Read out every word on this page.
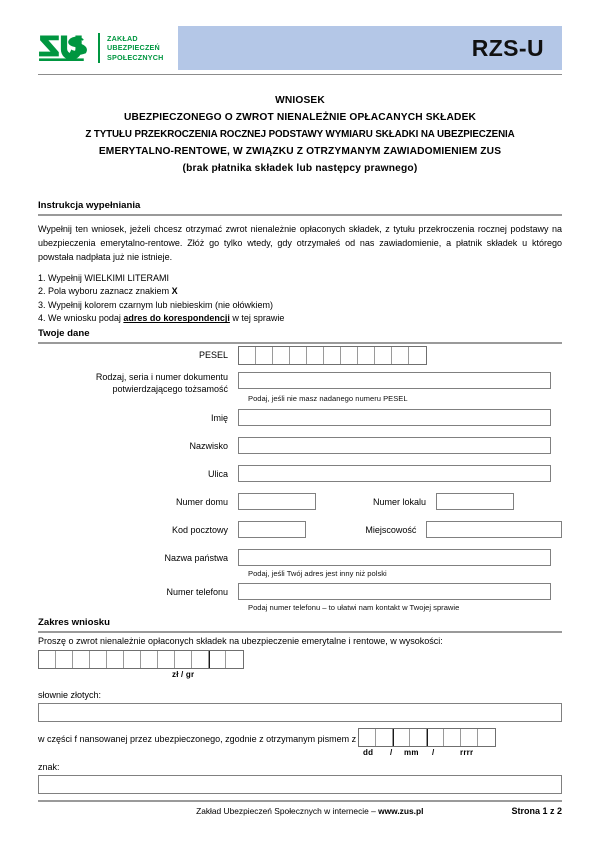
ZAKŁAD
UBEZPIECZEŃ
SPOŁECZNYCH	RZS-U
WNIOSEK
UBEZPIECZONEGO O ZWROT NIENALEŻNIE OPŁACANYCH SKŁADEK
Z TYTUŁU PRZEKROCZENIA ROCZNEJ PODSTAWY WYMIARU SKŁADKI NA UBEZPIECZENIA
EMERYTALNO-RENTOWE, W ZWIĄZKU Z OTRZYMANYM ZAWIADOMIENIEM ZUS
(brak płatnika składek lub następcy prawnego)
Instrukcja wypełniania
Wypełnij ten wniosek, jeżeli chcesz otrzymać zwrot nienależnie opłaconych składek, z tytułu przekroczenia rocznej podstawy na ubezpieczenia emerytalno-rentowe. Złóż go tylko wtedy, gdy otrzymałeś od nas zawiadomienie, a płatnik składek u którego powstała nadpłata już nie istnieje.
1. Wypełnij WIELKIMI LITERAMI
2. Pola wyboru zaznacz znakiem X
3. Wypełnij kolorem czarnym lub niebieskim (nie ołówkiem)
4. We wniosku podaj adres do korespondencji w tej sprawie
Twoje dane
PESEL
Rodzaj, seria i numer dokumentu
potwierdzającego tożsamość
Podaj, jeśli nie masz nadanego numeru PESEL
Imię
Nazwisko
Ulica
Numer domu	Numer lokalu
Kod pocztowy	Miejscowość
Nazwa państwa
Podaj, jeśli Twój adres jest inny niż polski
Numer telefonu
Podaj numer telefonu – to ułatwi nam kontakt w Twojej sprawie
Zakres wniosku
Proszę o zwrot nienależnie opłaconych składek na ubezpieczenie emerytalne i rentowe, w wysokości:
zł / gr
słownie złotych:
w części f nansowanej przez ubezpieczonego, zgodnie z otrzymanym pismem z
dd / mm /	rrrr
znak:
Zakład Ubezpieczeń Społecznych w internecie – www.zus.pl	Strona 1 z 2
